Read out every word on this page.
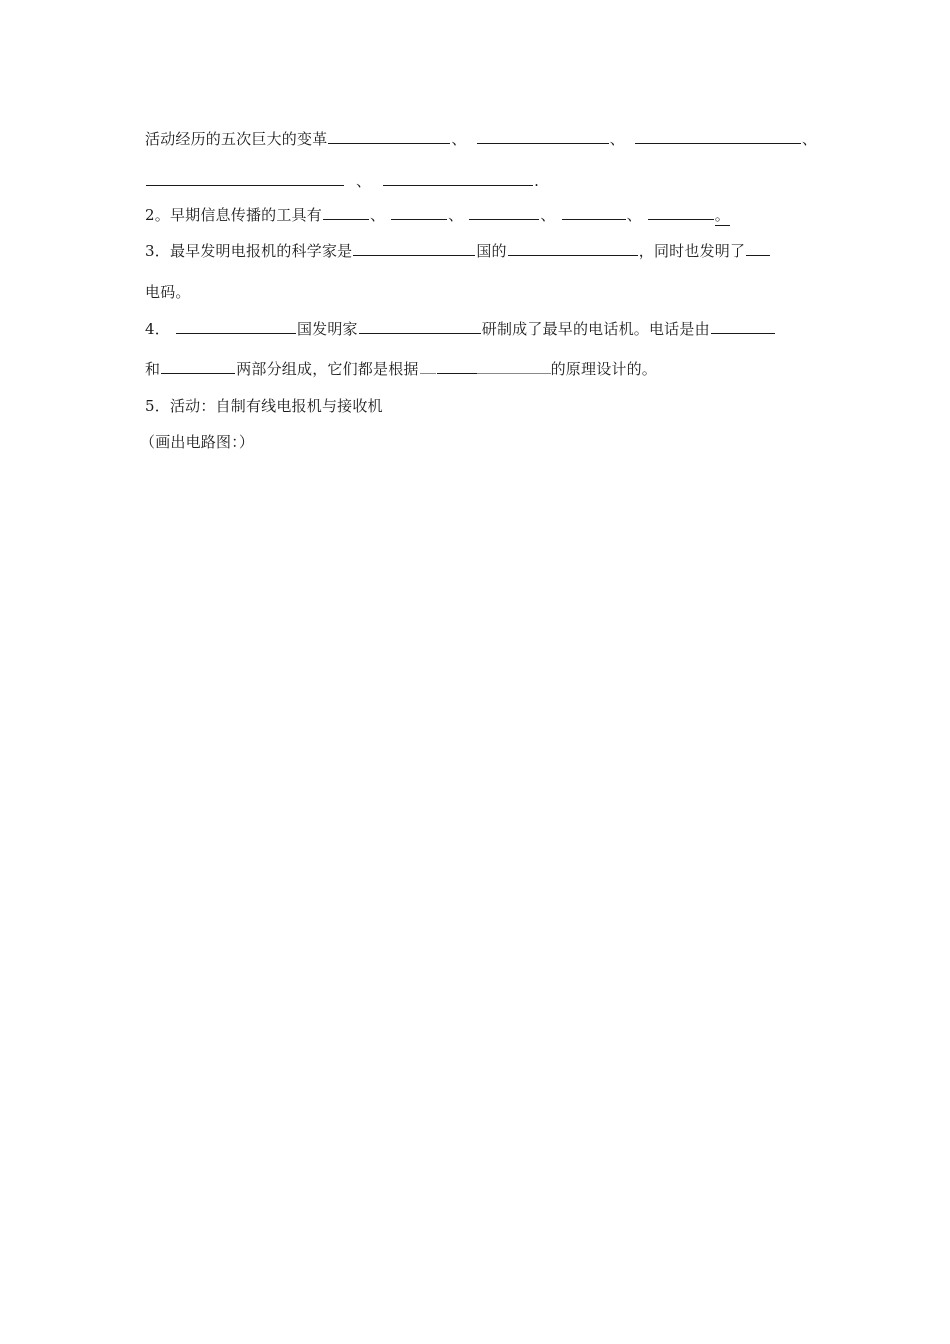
活动经历的五次巨大的变革	、	、	、
、	.
2。早期信息传播的工具有	、	、	、	、	。
3．最早发明电报机的科学家是	国的	，同时也发明了
电码。
4．	国发明家	研制成了最早的电话机。电话是由
和	两部分组成，它们都是根据	的原理设计的。
5．活动：自制有线电报机与接收机
（画出电路图：）
